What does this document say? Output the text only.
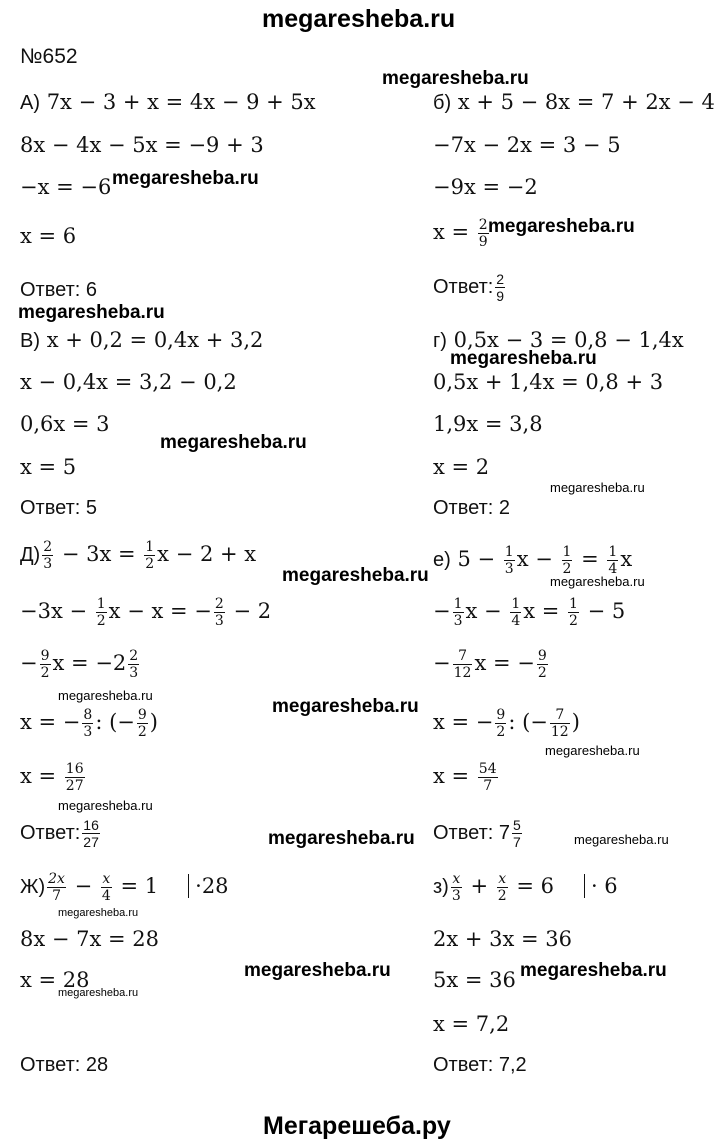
megaresheba.ru
Мегарешеба.ру
№652
megaresheba.ru
megaresheba.ru
megaresheba.ru
megaresheba.ru
megaresheba.ru
megaresheba.ru
megaresheba.ru
megaresheba.ru	megaresheba.ru
megaresheba.ru
megaresheba.ru
megaresheba.ru
megaresheba.ru
megaresheba.ru	megaresheba.ru
megaresheba.ru
megaresheba.ru	megaresheba.ru
megaresheba.ru
А) 7x − 3 + x = 4x − 9 + 5x
8x − 4x − 5x = −9 + 3
−x = −6
x = 6
Ответ: 6
б) x + 5 − 8x = 7 + 2x − 4
−7x − 2x = 3 − 5
−9x = −2
$x = \frac{2}{9}$
Ответ: $\frac{2}{9}$
В) x + 0,2 = 0,4x + 3,2
x − 0,4x = 3,2 − 0,2
0,6x = 3
x = 5
Ответ: 5
г) 0,5x − 3 = 0,8 − 1,4x
0,5x + 1,4x = 0,8 + 3
1,9x = 3,8
x = 2
Ответ: 2
$Д) \frac{2}{3} - 3x = \frac{1}{2}$ x − 2 + x
$-3x - \frac{1}{2}$ x − x = − $\frac{2}{3} - 2$
− $\frac{9}{2}$ $x = -2 \frac{2}{3}$
x = − $\frac{8}{3}$ : (− $\frac{9}{2}$ )
$x = \frac{16}{27}$
Ответ: $\frac{16}{27}$
е) $5 - \frac{1}{3}$ $x - \frac{1}{2} = \frac{1}{4}$ x
− $\frac{1}{3}$ $x - \frac{1}{4}$ $x = \frac{1}{2} - 5$
− $\frac{7}{12}$ x = − $\frac{9}{2}$
x = − $\frac{9}{2}$ : (− $\frac{7}{12}$ )
$x = \frac{54}{7}$
Ответ: $7 \frac{5}{7}$
$Ж) \frac{2x}{7} - \frac{x}{4} = 1 \cdot 28$
8x − 7x = 28
x = 28
Ответ: 28
$з) \frac{x}{3} + \frac{x}{2} = 6 \cdot 6$
2x + 3x = 36
5x = 36
x = 7,2
Ответ: 7,2
